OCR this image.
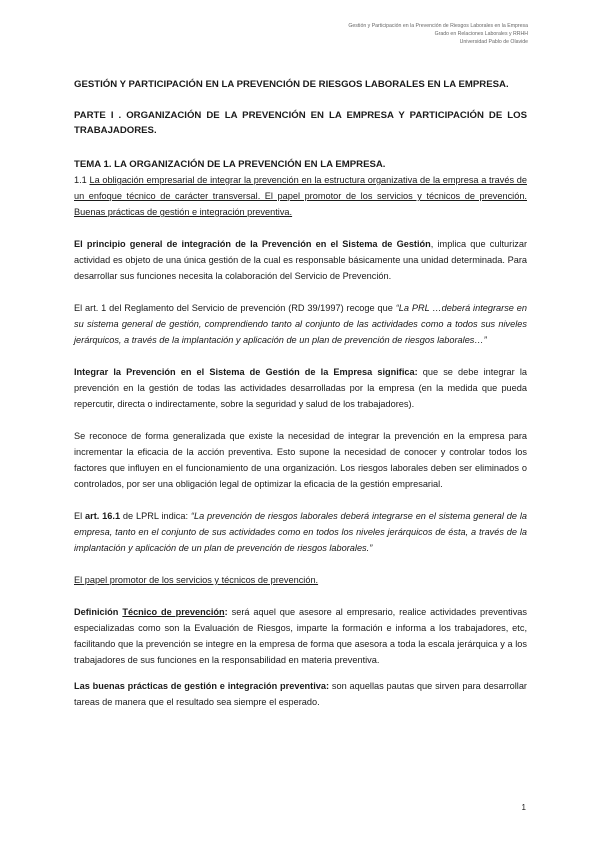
Gestión y Participación en la Prevención de Riesgos Laborales en la Empresa
Grado en Relaciones Laborales y RRHH
Universidad Pablo de Olavide
GESTIÓN Y PARTICIPACIÓN EN LA PREVENCIÓN DE RIESGOS LABORALES EN LA EMPRESA.
PARTE I . ORGANIZACIÓN DE LA PREVENCIÓN EN LA EMPRESA Y PARTICIPACIÓN DE LOS TRABAJADORES.
TEMA 1. LA ORGANIZACIÓN DE LA PREVENCIÓN EN LA EMPRESA.

1.1 La obligación empresarial de integrar la prevención en la estructura organizativa de la empresa a través de un enfoque técnico de carácter transversal. El papel promotor de los servicios y técnicos de prevención. Buenas prácticas de gestión e integración preventiva.

El principio general de integración de la Prevención en el Sistema de Gestión, implica que culturizar actividad es objeto de una única gestión de la cual es responsable básicamente una unidad determinada. Para desarrollar sus funciones necesita la colaboración del Servicio de Prevención.

El art. 1 del Reglamento del Servicio de prevención (RD 39/1997) recoge que “La PRL …deberá integrarse en su sistema general de gestión, comprendiendo tanto al conjunto de las actividades como a todos sus niveles jerárquicos, a través de la implantación y aplicación de un plan de prevención de riesgos laborales…”

Integrar la Prevención en el Sistema de Gestión de la Empresa significa: que se debe integrar la prevención en la gestión de todas las actividades desarrolladas por la empresa (en la medida que pueda repercutir, directa o indirectamente, sobre la seguridad y salud de los trabajadores).

Se reconoce de forma generalizada que existe la necesidad de integrar la prevención en la empresa para incrementar la eficacia de la acción preventiva. Esto supone la necesidad de conocer y controlar todos los factores que influyen en el funcionamiento de una organización. Los riesgos laborales deben ser eliminados o controlados, por ser una obligación legal de optimizar la eficacia de la gestión empresarial.

El art. 16.1 de LPRL indica: “La prevención de riesgos laborales deberá integrarse en el sistema general de la empresa, tanto en el conjunto de sus actividades como en todos los niveles jerárquicos de ésta, a través de la implantación y aplicación de un plan de prevención de riesgos laborales.”

El papel promotor de los servicios y técnicos de prevención.

Definición Técnico de prevención: será aquel que asesore al empresario, realice actividades preventivas especializadas como son la Evaluación de Riesgos, imparte la formación e informa a los trabajadores, etc, facilitando que la prevención se integre en la empresa de forma que asesora a toda la escala jerárquica y a los trabajadores de sus funciones en la responsabilidad en materia preventiva.

Las buenas prácticas de gestión e integración preventiva: son aquellas pautas que sirven para desarrollar tareas de manera que el resultado sea siempre el esperado.

1
